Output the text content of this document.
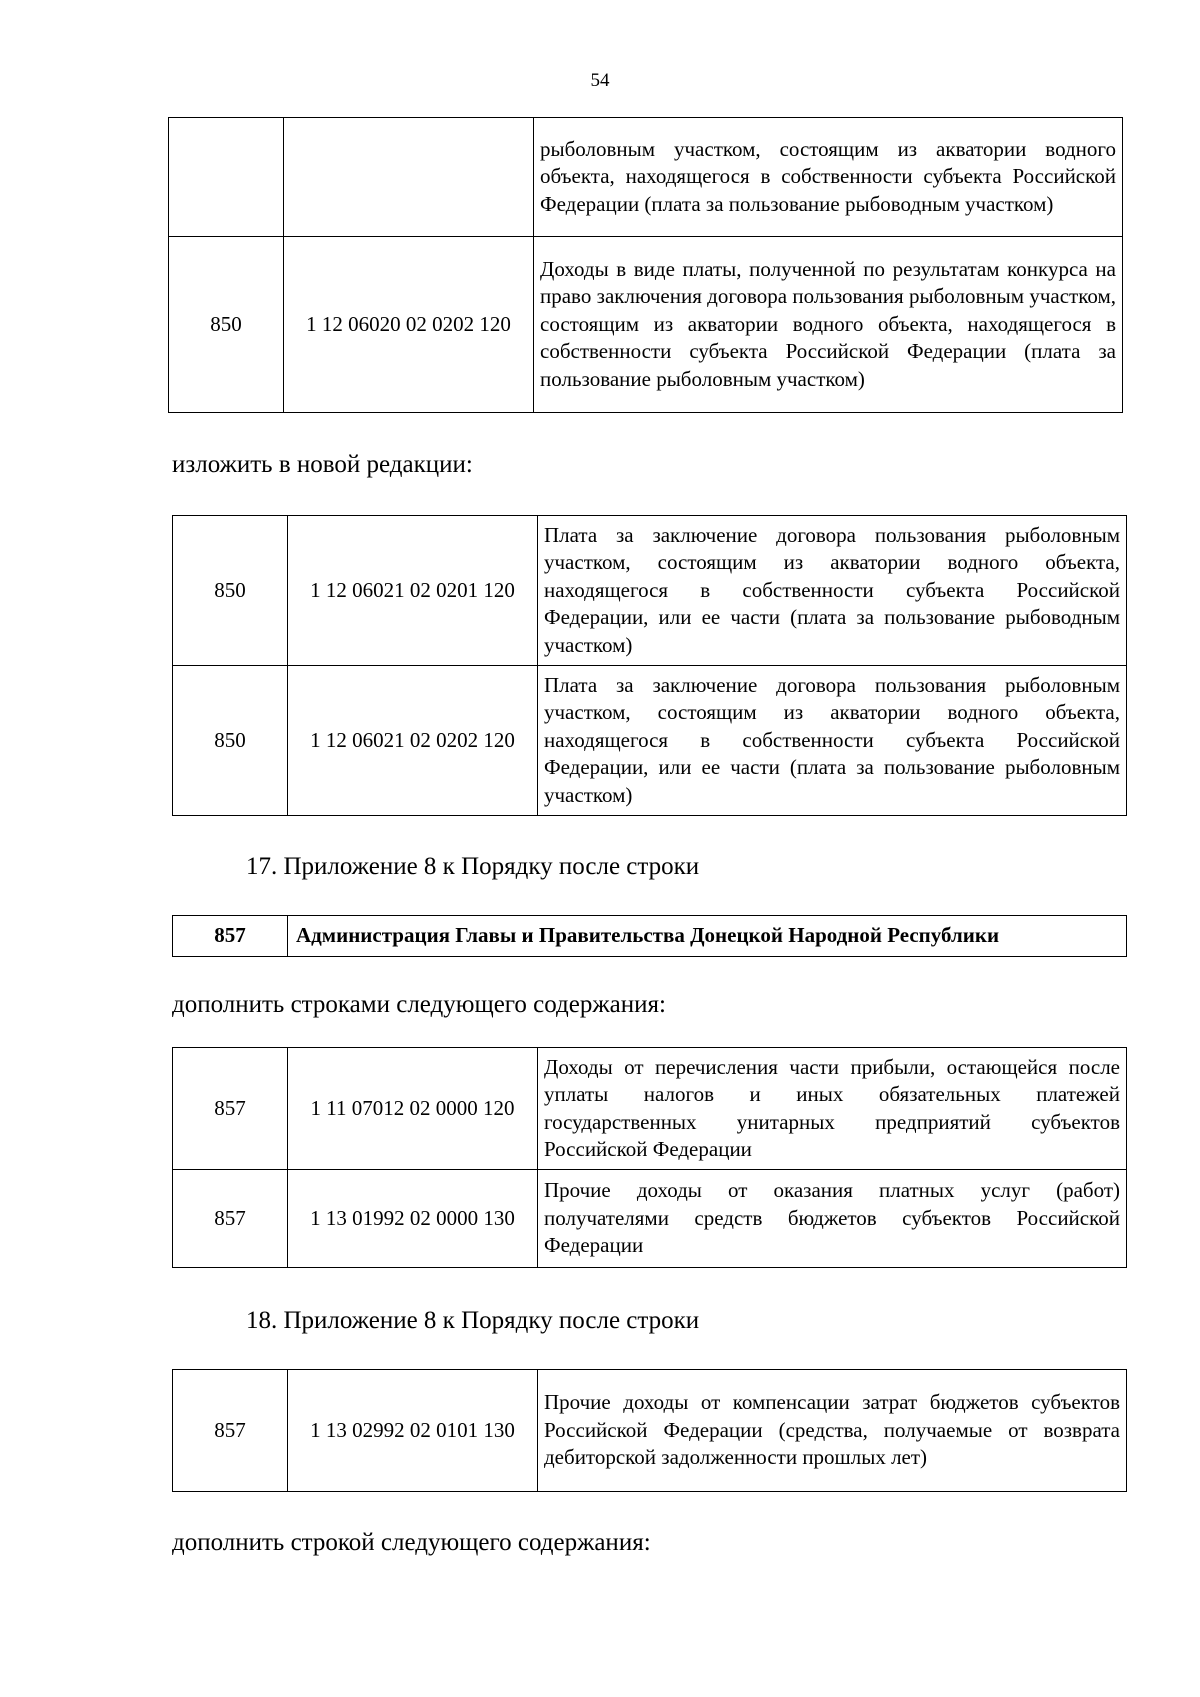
54
		рыболовным участком, состоящим из акватории водного объекта, находящегося в собственности субъекта Российской Федерации (плата за пользование рыбоводным участком)
850	1 12 06020 02 0202 120	Доходы в виде платы, полученной по результатам конкурса на право заключения договора пользования рыболовным участком, состоящим из акватории водного объекта, находящегося в собственности субъекта Российской Федерации (плата за пользование рыболовным участком)
изложить в новой редакции:
850	1 12 06021 02 0201 120	Плата за заключение договора пользования рыболовным участком, состоящим из акватории водного объекта, находящегося в собственности субъекта Российской Федерации, или ее части (плата за пользование рыбоводным участком)
850	1 12 06021 02 0202 120	Плата за заключение договора пользования рыболовным участком, состоящим из акватории водного объекта, находящегося в собственности субъекта Российской Федерации, или ее части (плата за пользование рыболовным участком)
17. Приложение 8 к Порядку после строки
857	Администрация Главы и Правительства Донецкой Народной Республики
дополнить строками следующего содержания:
857	1 11 07012 02 0000 120	Доходы от перечисления части прибыли, остающейся после уплаты налогов и иных обязательных платежей государственных унитарных предприятий субъектов Российской Федерации
857	1 13 01992 02 0000 130	Прочие доходы от оказания платных услуг (работ) получателями средств бюджетов субъектов Российской Федерации
18. Приложение 8 к Порядку после строки
857	1 13 02992 02 0101 130	Прочие доходы от компенсации затрат бюджетов субъектов Российской Федерации (средства, получаемые от возврата дебиторской задолженности прошлых лет)
дополнить строкой следующего содержания:
